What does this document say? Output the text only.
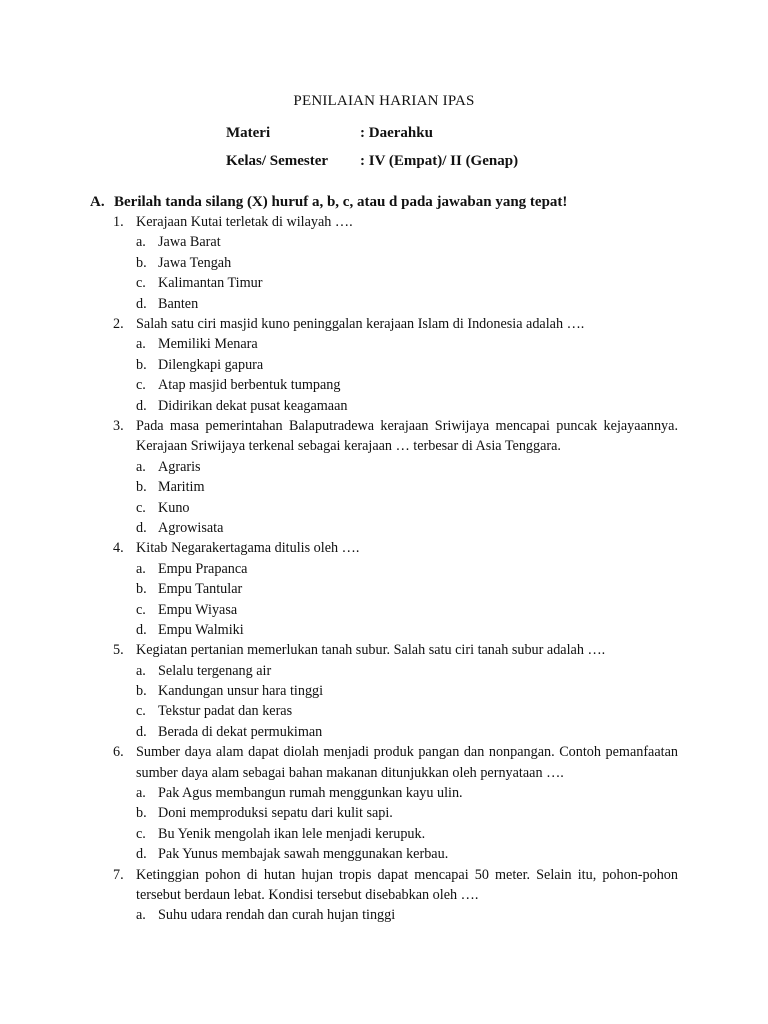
PENILAIAN HARIAN IPAS
Materi	: Daerahku
Kelas/ Semester : IV (Empat)/ II (Genap)
A. Berilah tanda silang (X) huruf a, b, c, atau d pada jawaban yang tepat!
1. Kerajaan Kutai terletak di wilayah ….
a. Jawa Barat
b. Jawa Tengah
c. Kalimantan Timur
d. Banten
2. Salah satu ciri masjid kuno peninggalan kerajaan Islam di Indonesia adalah ….
a. Memiliki Menara
b. Dilengkapi gapura
c. Atap masjid berbentuk tumpang
d. Didirikan dekat pusat keagamaan
3. Pada masa pemerintahan Balaputradewa kerajaan Sriwijaya mencapai puncak kejayaannya. Kerajaan Sriwijaya terkenal sebagai kerajaan … terbesar di Asia Tenggara.
a. Agraris
b. Maritim
c. Kuno
d. Agrowisata
4. Kitab Negarakertagama ditulis oleh ….
a. Empu Prapanca
b. Empu Tantular
c. Empu Wiyasa
d. Empu Walmiki
5. Kegiatan pertanian memerlukan tanah subur. Salah satu ciri tanah subur adalah ….
a. Selalu tergenang air
b. Kandungan unsur hara tinggi
c. Tekstur padat dan keras
d. Berada di dekat permukiman
6. Sumber daya alam dapat diolah menjadi produk pangan dan nonpangan. Contoh pemanfaatan sumber daya alam sebagai bahan makanan ditunjukkan oleh pernyataan ….
a. Pak Agus membangun rumah menggunkan kayu ulin.
b. Doni memproduksi sepatu dari kulit sapi.
c. Bu Yenik mengolah ikan lele menjadi kerupuk.
d. Pak Yunus membajak sawah menggunakan kerbau.
7. Ketinggian pohon di hutan hujan tropis dapat mencapai 50 meter. Selain itu, pohon-pohon tersebut berdaun lebat. Kondisi tersebut disebabkan oleh ….
a. Suhu udara rendah dan curah hujan tinggi
